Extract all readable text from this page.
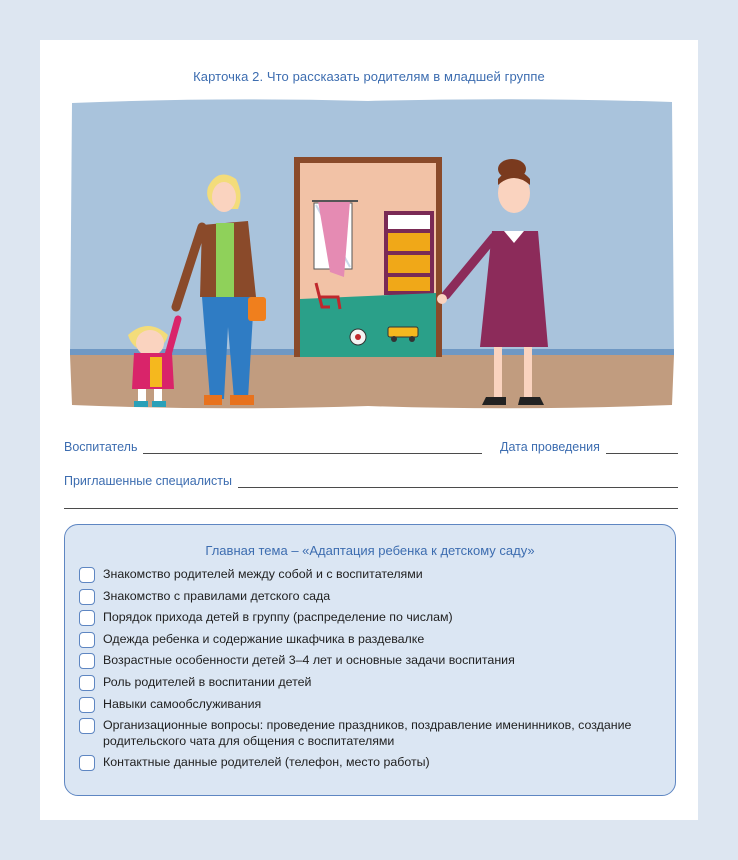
Карточка 2. Что рассказать родителям в младшей группе
Воспитатель	Дата проведения
Приглашенные специалисты
Главная тема – «Адаптация ребенка к детскому саду»
Знакомство родителей между собой и с воспитателями
Знакомство с правилами детского сада
Порядок прихода детей в группу (распределение по числам)
Одежда ребенка и содержание шкафчика в раздевалке
Возрастные особенности детей 3–4 лет и основные задачи воспитания
Роль родителей в воспитании детей
Навыки самообслуживания
Организационные вопросы: проведение праздников, поздравление именинников, создание родительского чата для общения с воспитателями
Контактные данные родителей (телефон, место работы)
